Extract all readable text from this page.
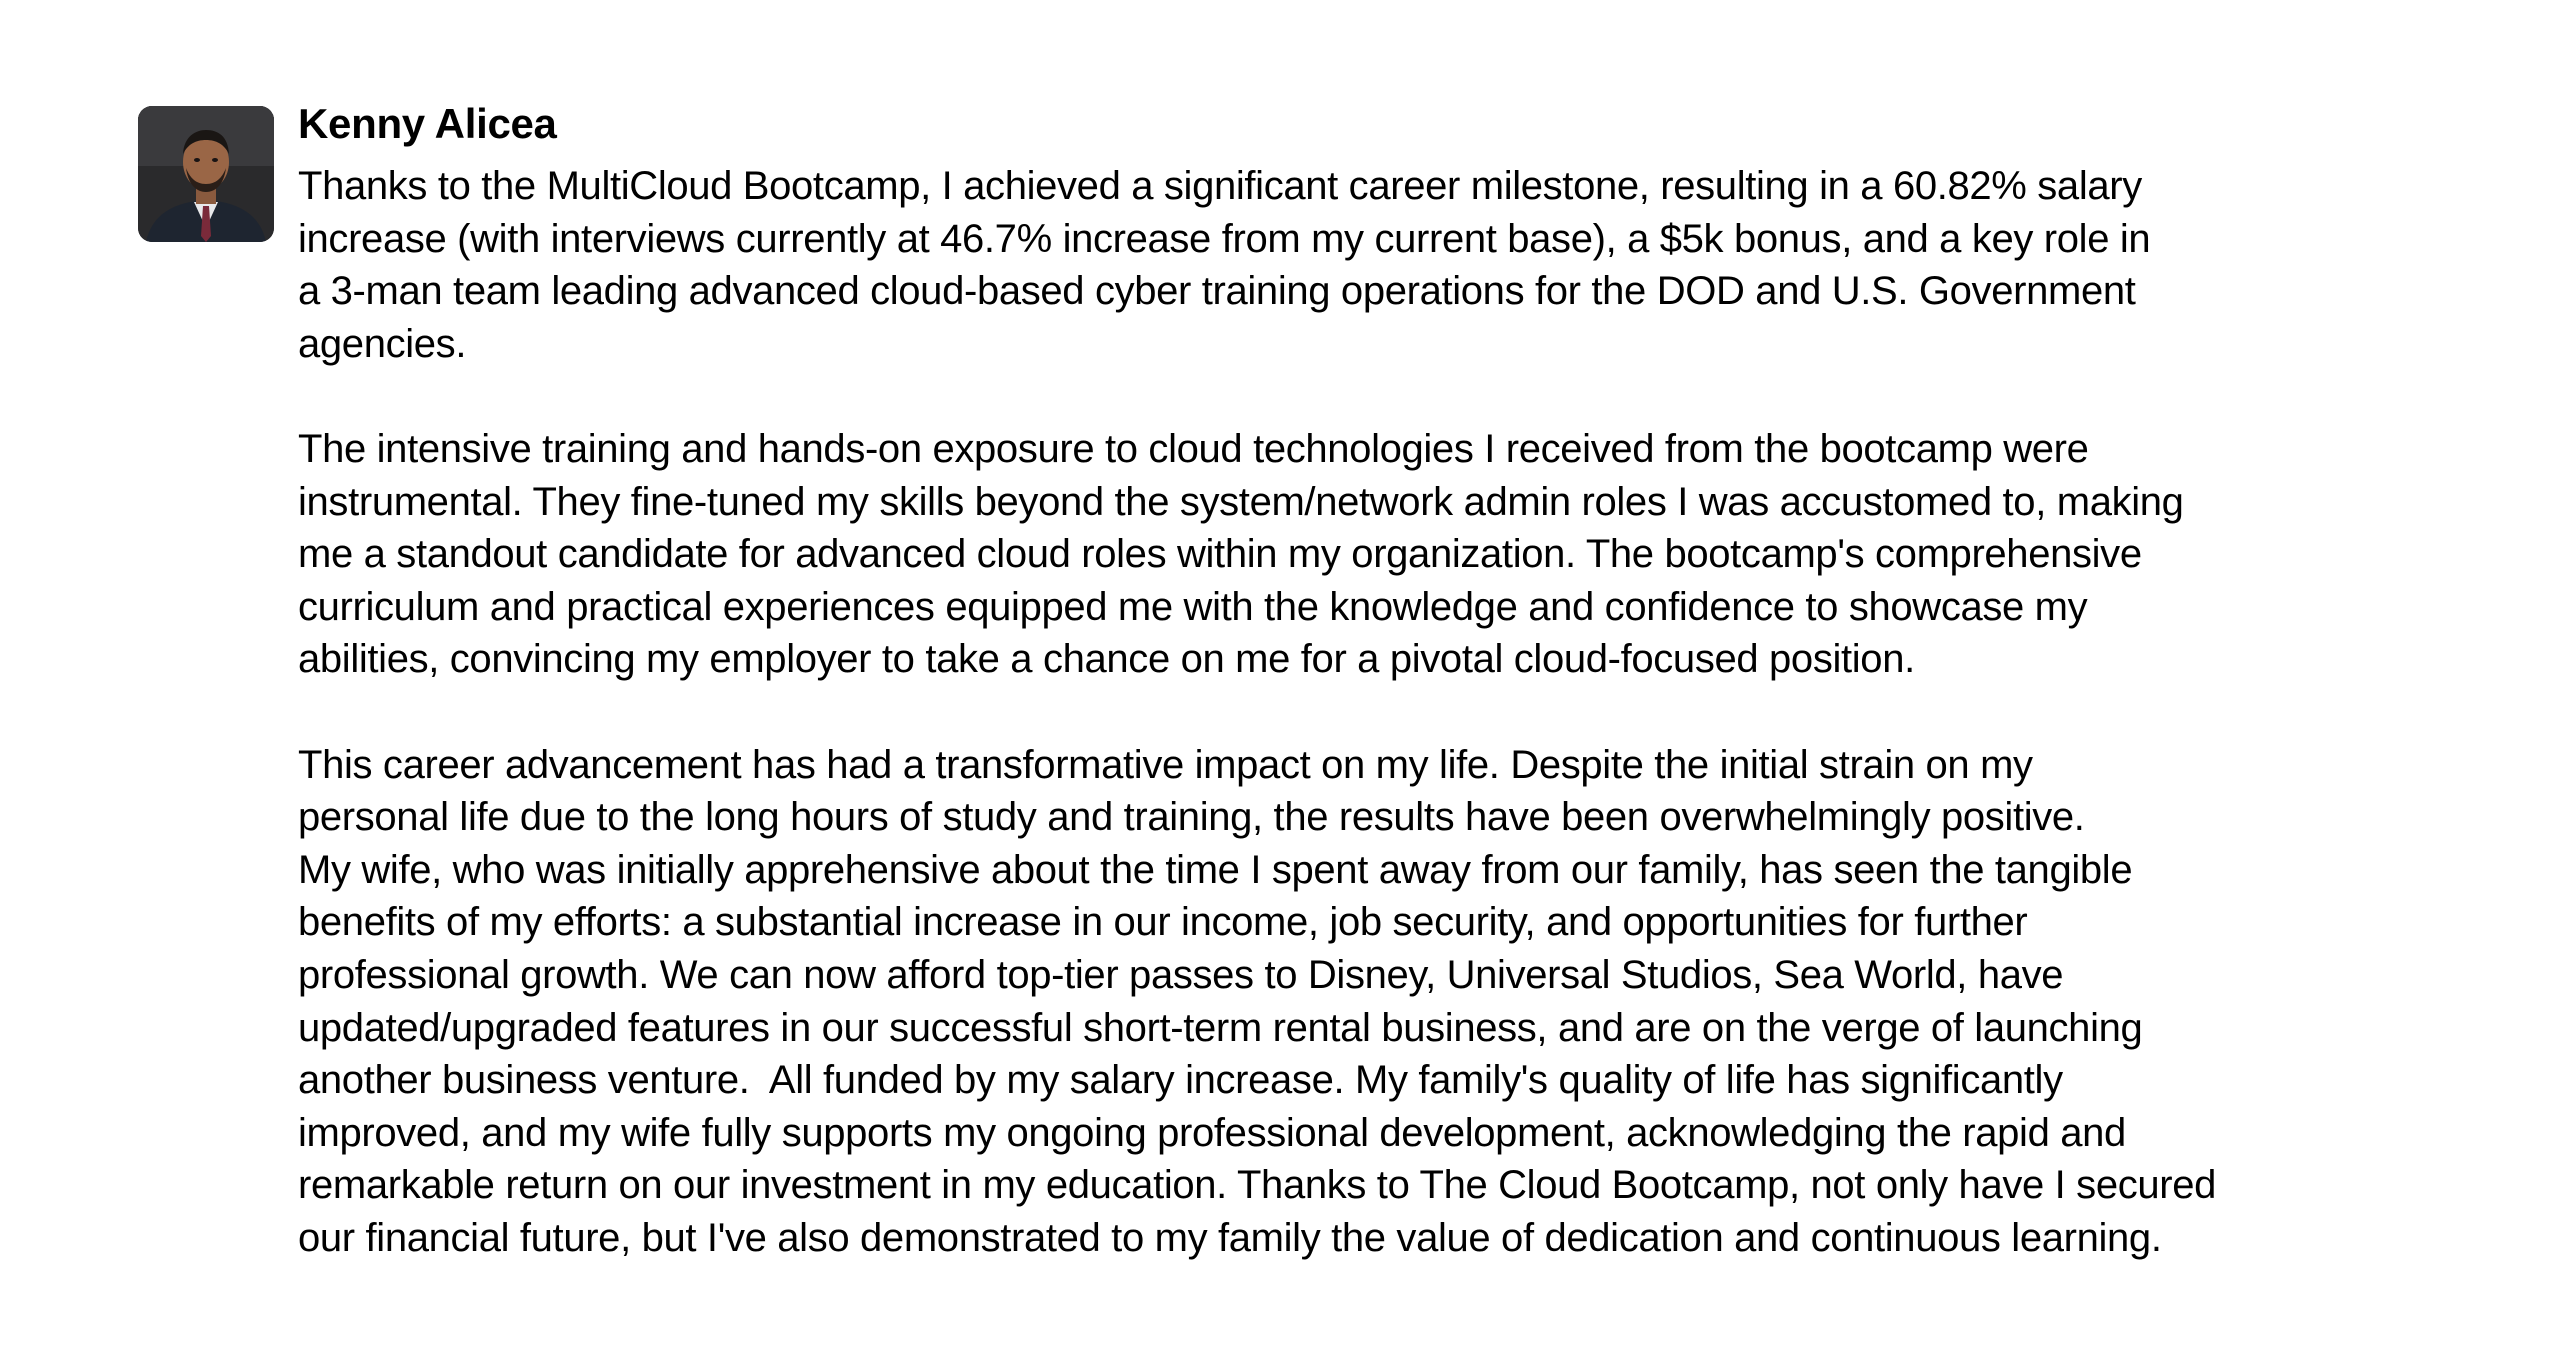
Kenny Alicea

Thanks to the MultiCloud Bootcamp, I achieved a significant career milestone, resulting in a 60.82% salary
increase (with interviews currently at 46.7% increase from my current base), a $5k bonus, and a key role in
a 3-man team leading advanced cloud-based cyber training operations for the DOD and U.S. Government
agencies.

The intensive training and hands-on exposure to cloud technologies I received from the bootcamp were
instrumental. They fine-tuned my skills beyond the system/network admin roles I was accustomed to, making
me a standout candidate for advanced cloud roles within my organization. The bootcamp's comprehensive
curriculum and practical experiences equipped me with the knowledge and confidence to showcase my
abilities, convincing my employer to take a chance on me for a pivotal cloud-focused position.

This career advancement has had a transformative impact on my life. Despite the initial strain on my
personal life due to the long hours of study and training, the results have been overwhelmingly positive.
My wife, who was initially apprehensive about the time I spent away from our family, has seen the tangible
benefits of my efforts: a substantial increase in our income, job security, and opportunities for further
professional growth. We can now afford top-tier passes to Disney, Universal Studios, Sea World, have
updated/upgraded features in our successful short-term rental business, and are on the verge of launching
another business venture.  All funded by my salary increase. My family's quality of life has significantly
improved, and my wife fully supports my ongoing professional development, acknowledging the rapid and
remarkable return on our investment in my education. Thanks to The Cloud Bootcamp, not only have I secured
our financial future, but I've also demonstrated to my family the value of dedication and continuous learning.
